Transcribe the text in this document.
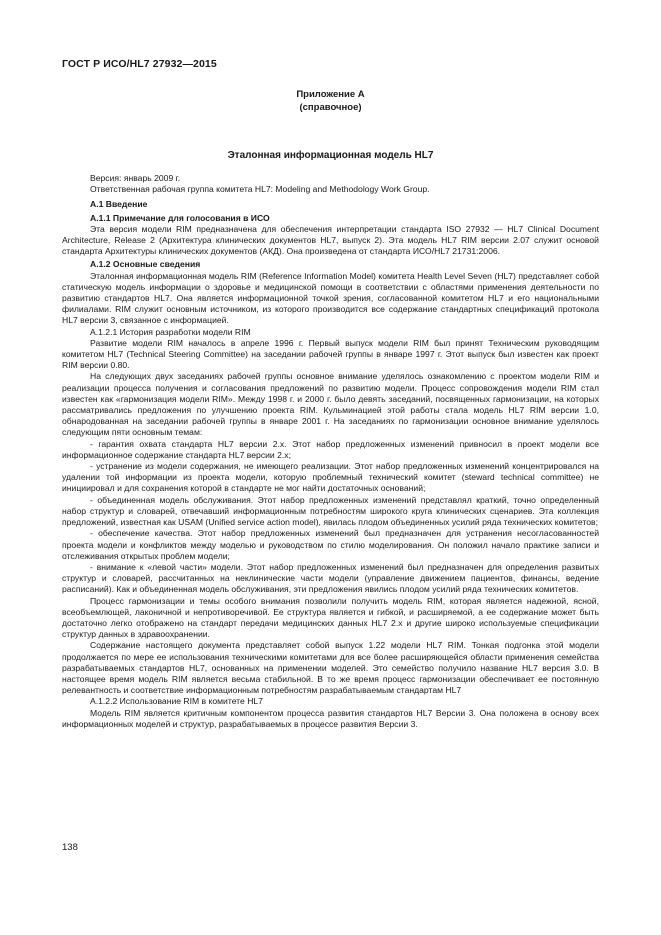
ГОСТ Р ИСО/HL7 27932—2015
Приложение А
(справочное)
Эталонная информационная модель HL7

Версия: январь 2009 г.

Ответственная рабочая группа комитета HL7: Modeling and Methodology Work Group.

А.1 Введение

А.1.1 Примечание для голосования в ИСО

Эта версия модели RIM предназначена для обеспечения интерпретации стандарта ISO 27932 — HL7 Clinical Document Architecture, Release 2 (Архитектура клинических документов HL7, выпуск 2). Эта модель HL7 RIM версии 2.07 служит основой стандарта Архитектуры клинических документов (АКД). Она произведена от стандарта ИСО/HL7 21731:2006.

А.1.2 Основные сведения

Эталонная информационная модель RIM (Reference Information Model) комитета Health Level Seven (HL7) представляет собой статическую модель информации о здоровье и медицинской помощи в соответствии с областями применения деятельности по развитию стандартов HL7. Она является информационной точкой зрения, согласованной комитетом HL7 и его национальными филиалами. RIM служит основным источником, из которого производится все содержание стандартных спецификаций протокола HL7 версии 3, связанное с информацией.

А.1.2.1 История разработки модели RIM

Развитие модели RIM началось в апреле 1996 г. Первый выпуск модели RIM был принят Техническим руководящим комитетом HL7 (Technical Steering Committee) на заседании рабочей группы в январе 1997 г. Этот выпуск был известен как проект RIM версии 0.80.

На следующих двух заседаниях рабочей группы основное внимание уделялось ознакомлению с проектом модели RIM и реализации процесса получения и согласования предложений по развитию модели. Процесс сопровождения модели RIM стал известен как «гармонизация модели RIM». Между 1998 г. и 2000 г. было девять заседаний, посвященных гармонизации, на которых рассматривались предложения по улучшению проекта RIM. Кульминацией этой работы стала модель HL7 RIM версии 1.0, обнародованная на заседании рабочей группы в январе 2001 г. На заседаниях по гармонизации основное внимание уделялось следующим пяти основным темам:

- гарантия охвата стандарта HL7 версии 2.х. Этот набор предложенных изменений привносил в проект модели все информационное содержание стандарта HL7 версии 2.х;

- устранение из модели содержания, не имеющего реализации. Этот набор предложенных изменений концентрировался на удалении той информации из проекта модели, которую проблемный технический комитет (steward technical committee) не инициировал и для сохранения которой в стандарте не мог найти достаточных оснований;

- объединенная модель обслуживания. Этот набор предложенных изменений представлял краткий, точно определенный набор структур и словарей, отвечавший информационным потребностям широкого круга клинических сценариев. Эта коллекция предложений, известная как USAM (Unified service action model), явилась плодом объединенных усилий ряда технических комитетов;

- обеспечение качества. Этот набор предложенных изменений был предназначен для устранения несогласованностей проекта модели и конфликтов между моделью и руководством по стилю моделирования. Он положил начало практике записи и отслеживания открытых проблем модели;

- внимание к «левой части» модели. Этот набор предложенных изменений был предназначен для определения развитых структур и словарей, рассчитанных на неклинические части модели (управление движением пациентов, финансы, ведение расписаний). Как и объединенная модель обслуживания, эти предложения явились плодом усилий ряда технических комитетов.

Процесс гармонизации и темы особого внимания позволили получить модель RIM, которая является надежной, ясной, всеобъемлющей, лаконичной и непротиворечивой. Ее структура является и гибкой, и расширяемой, а ее содержание может быть достаточно легко отображено на стандарт передачи медицинских данных HL7 2.х и другие широко используемые спецификации структур данных в здравоохранении.

Содержание настоящего документа представляет собой выпуск 1.22 модели HL7 RIM. Тонкая подгонка этой модели продолжается по мере ее использования техническими комитетами для все более расширяющейся области применения семейства разрабатываемых стандартов HL7, основанных на применении моделей. Это семейство получило название HL7 версия 3.0. В настоящее время модель RIM является весьма стабильной. В то же время процесс гармонизации обеспечивает ее постоянную релевантность и соответствие информационным потребностям разрабатываемым стандартам HL7

А.1.2.2 Использование RIM в комитете HL7

Модель RIM является критичным компонентом процесса развития стандартов HL7 Версии 3. Она положена в основу всех информационных моделей и структур, разрабатываемых в процессе развития Версии 3.

138
